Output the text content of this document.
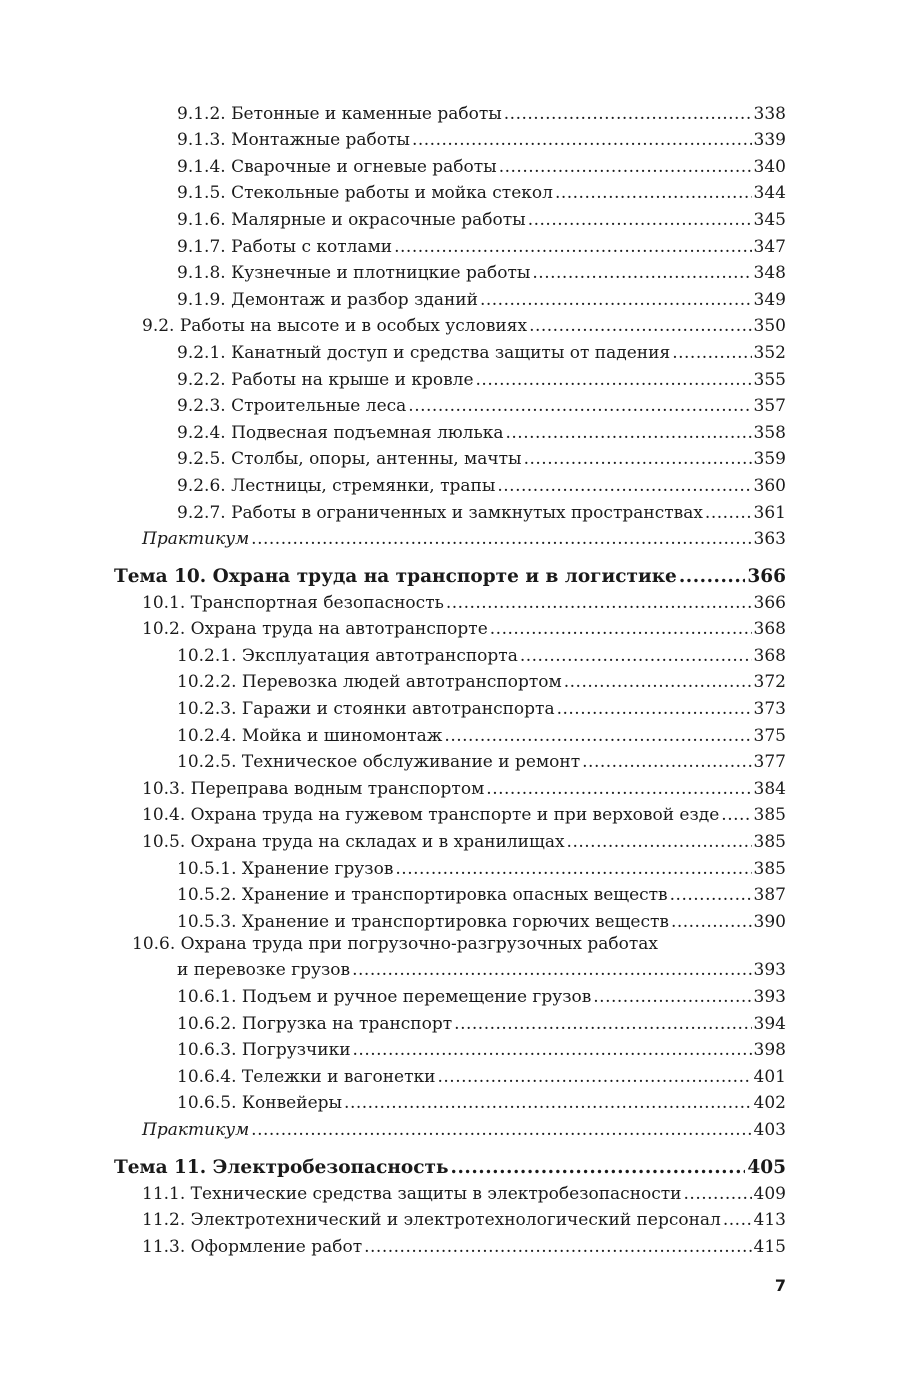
9.1.2. Бетонные и каменные работы .....	338
9.1.3. Монтажные работы .....	339
9.1.4. Сварочные и огневые работы .....	340
9.1.5. Стекольные работы и мойка стекол .....	344
9.1.6. Малярные и окрасочные работы .....	345
9.1.7. Работы с котлами .....	347
9.1.8. Кузнечные и плотницкие работы .....	348
9.1.9. Демонтаж и разбор зданий .....	349
9.2. Работы на высоте и в особых условиях .....	350
9.2.1. Канатный доступ и средства защиты от падения .....	352
9.2.2. Работы на крыше и кровле .....	355
9.2.3. Строительные леса .....	357
9.2.4. Подвесная подъемная люлька .....	358
9.2.5. Столбы, опоры, антенны, мачты .....	359
9.2.6. Лестницы, стремянки, трапы .....	360
9.2.7. Работы в ограниченных и замкнутых пространствах .....	361
Практикум .....	363
Тема 10. Охрана труда на транспорте и в логистике .....	366
10.1. Транспортная безопасность .....	366
10.2. Охрана труда на автотранспорте .....	368
10.2.1. Эксплуатация автотранспорта .....	368
10.2.2. Перевозка людей автотранспортом .....	372
10.2.3. Гаражи и стоянки автотранспорта .....	373
10.2.4. Мойка и шиномонтаж .....	375
10.2.5. Техническое обслуживание и ремонт .....	377
10.3. Переправа водным транспортом .....	384
10.4. Охрана труда на гужевом транспорте и при верховой езде ..... 385
10.5. Охрана труда на складах и в хранилищах .....	385
10.5.1. Хранение грузов .....	385
10.5.2. Хранение и транспортировка опасных веществ .....	387
10.5.3. Хранение и транспортировка горючих веществ .....	390
10.6. Охрана труда при погрузочно-разгрузочных работах
и перевозке грузов .....	393
10.6.1. Подъем и ручное перемещение грузов .....	393
10.6.2. Погрузка на транспорт .....	394
10.6.3. Погрузчики .....	398
10.6.4. Тележки и вагонетки .....	401
10.6.5. Конвейеры .....	402
Практикум .....	403
Тема 11. Электробезопасность .....	405
11.1. Технические средства защиты в электробезопасности .....	409
11.2. Электротехнический и электротехнологический персонал ..... 413
11.3. Оформление работ .....	415
7
